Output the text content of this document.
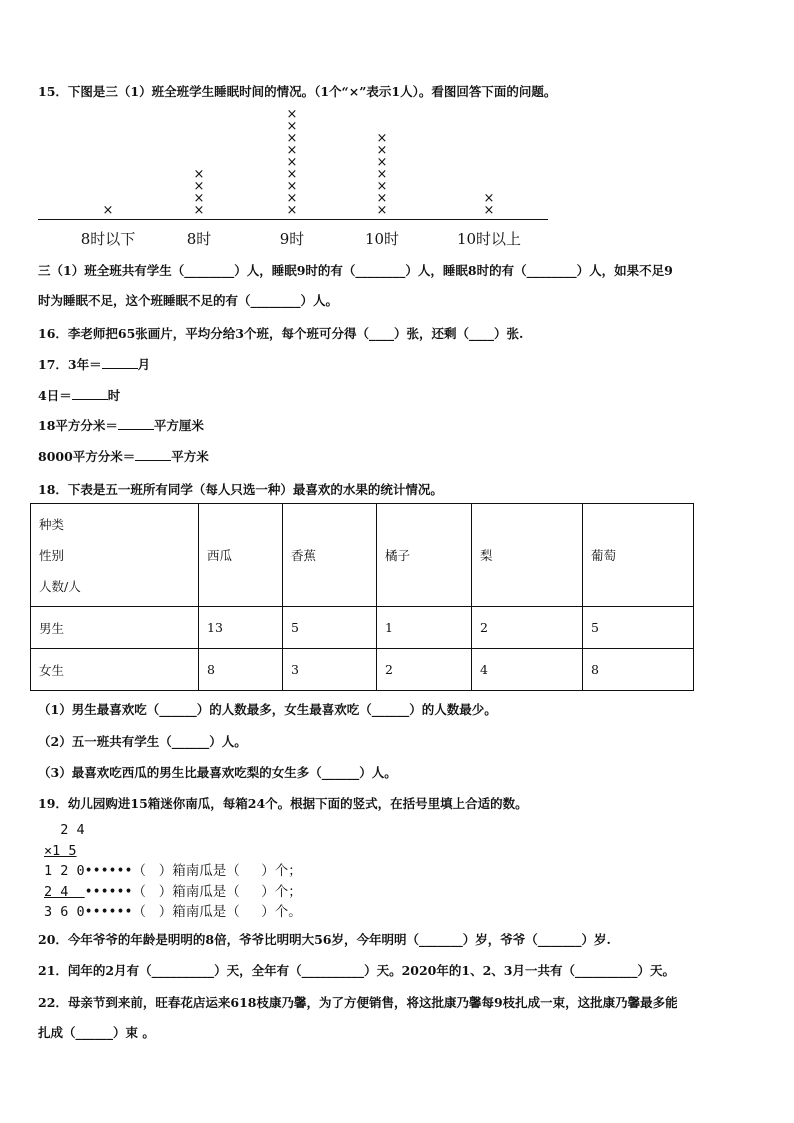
15．下图是三（1）班全班学生睡眠时间的情况。（1个“×”表示1人）。看图回答下面的问题。
×	×
×
×
×
×
×
×
×
×
×
×
×
×
×
×
×
×
×
×
×
×
×
8时以下	8时	9时	10时	10时以上
三（1）班全班共有学生（________）人，睡眠9时的有（________）人，睡眠8时的有（________）人，如果不足9
时为睡眠不足，这个班睡眠不足的有（________）人。
16．李老师把65张画片，平均分给3个班，每个班可分得（____）张，还剩（____）张.
17．3年＝	月
4日＝	时
18平方分米＝	平方厘米
8000平方分米＝	平方米
18．下表是五一班所有同学（每人只选一种）最喜欢的水果的统计情况。
种类
性别
人数/人	西瓜	香蕉	橘子	梨	葡萄
男生	13	5	1	2	5
女生	8	3	2	4	8
（1）男生最喜欢吃（______）的人数最多，女生最喜欢吃（______）的人数最少。
（2）五一班共有学生（______）人。
（3）最喜欢吃西瓜的男生比最喜欢吃梨的女生多（______）人。
19．幼儿园购进15箱迷你南瓜，每箱24个。根据下面的竖式，在括号里填上合适的数。
2 4
×1 5
1 2 0••••••（   ）箱南瓜是（     ）个；
2 4  ••••••（   ）箱南瓜是（     ）个；
3 6 0••••••（   ）箱南瓜是（     ）个。
20．今年爷爷的年龄是明明的8倍，爷爷比明明大56岁，今年明明（_______）岁，爷爷（_______）岁.
21．闰年的2月有（__________）天，全年有（__________）天。2020年的1、2、3月一共有（__________）天。
22．母亲节到来前，旺春花店运来618枝康乃馨，为了方便销售，将这批康乃馨每9枝扎成一束，这批康乃馨最多能
扎成（______）束 。
